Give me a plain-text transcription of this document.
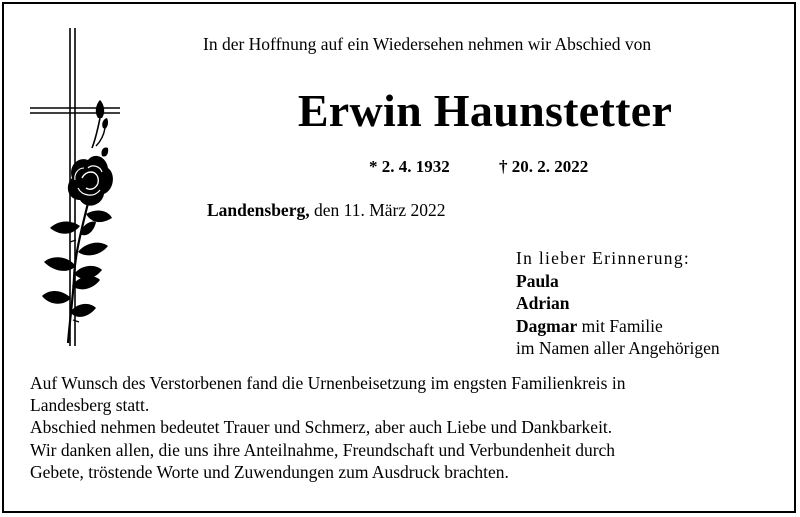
In der Hoffnung auf ein Wiedersehen nehmen wir Abschied von
Erwin Haunstetter
* 2. 4. 1932	† 20. 2. 2022
Landensberg, den 11. März 2022
In lieber Erinnerung:
Paula
Adrian
Dagmar mit Familie
im Namen aller Angehörigen
Auf Wunsch des Verstorbenen fand die Urnenbeisetzung im engsten Familienkreis in
Landesberg statt.
Abschied nehmen bedeutet Trauer und Schmerz, aber auch Liebe und Dankbarkeit.
Wir danken allen, die uns ihre Anteilnahme, Freundschaft und Verbundenheit durch
Gebete, tröstende Worte und Zuwendungen zum Ausdruck brachten.
